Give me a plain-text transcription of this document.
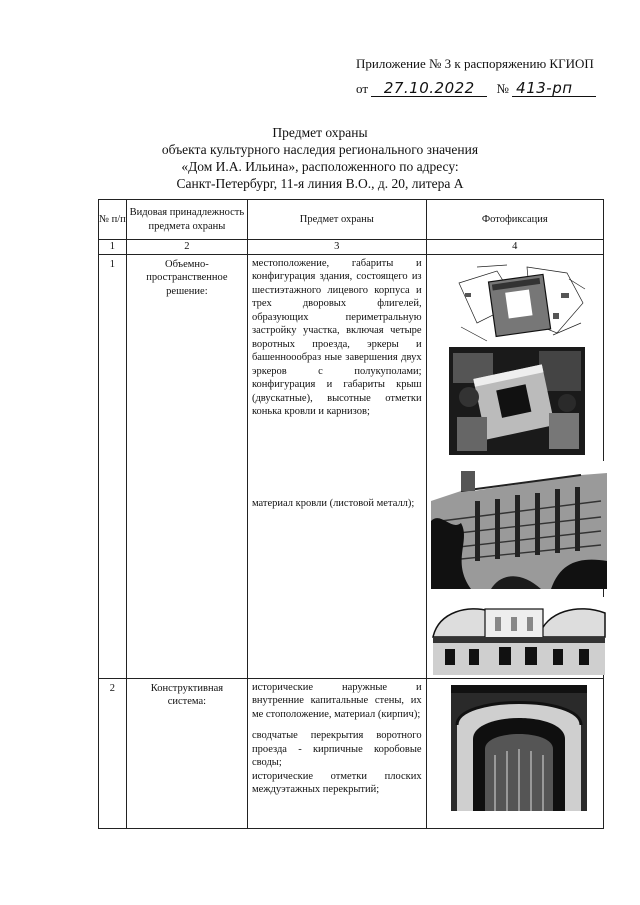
Приложение № 3 к распоряжению КГИОП
от 27.10.2022 № 413-рп
Предмет охраны
объекта культурного наследия регионального значения
«Дом И.А. Ильина», расположенного по адресу:
Санкт-Петербург, 11-я линия В.О., д. 20, литера А
№ п/п	Видовая принадлежность предмета охраны	Предмет охраны	Фотофиксация
1	2	3	4
1	Объемно-пространственное решение:	местоположение, габариты и конфигурация здания, состоящего из шестиэтажного лицевого корпуса и трех дворовых флигелей, образующих периметральную застройку участка, включая четыре воротных проезда, эркеры и башенноообраз ные завершения двух эркеров с полукуполами; конфигурация и габариты крыш (двускатные), высотные отметки конька кровли и карнизов;

материал кровли (листовой металл);

2	Конструктивная система:	исторические наружные и внутренние капитальные стены, их ме стоположение, материал (кирпич);

сводчатые перекрытия воротного проезда - кирпичные коробовые своды;

исторические отметки плоских междуэтажных перекрытий;
